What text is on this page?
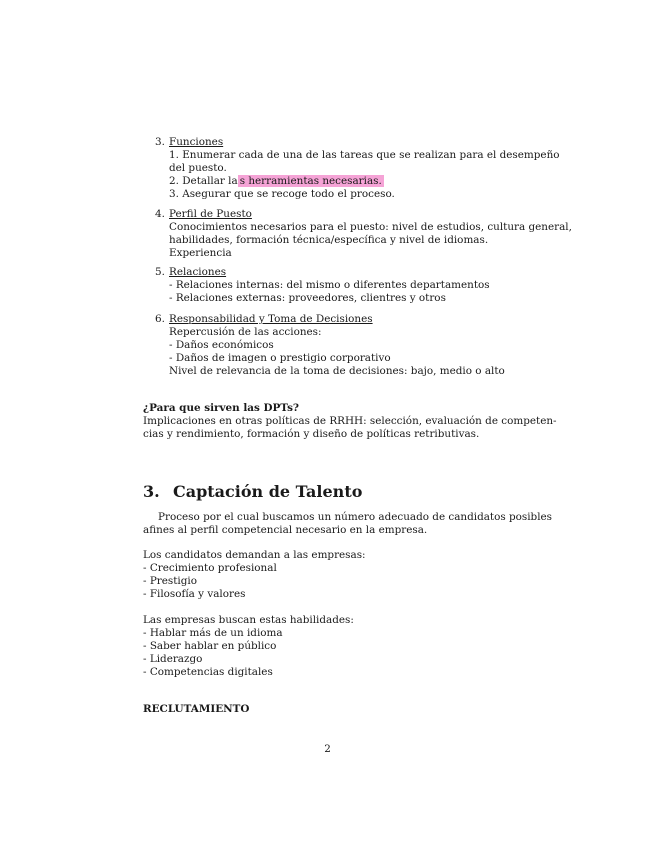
3. Funciones
1. Enumerar cada de una de las tareas que se realizan para el desempeño
del puesto.
2. Detallar la s herramientas necesarias.
3. Asegurar que se recoge todo el proceso.
4. Perfil de Puesto
Conocimientos necesarios para el puesto: nivel de estudios, cultura general,
habilidades, formación técnica/específica y nivel de idiomas.
Experiencia
5. Relaciones
- Relaciones internas: del mismo o diferentes departamentos
- Relaciones externas: proveedores, clientres y otros
6. Responsabilidad y Toma de Decisiones
Repercusión de las acciones:
- Daños económicos
- Daños de imagen o prestigio corporativo
Nivel de relevancia de la toma de decisiones: bajo, medio o alto
¿Para que sirven las DPTs?
Implicaciones en otras políticas de RRHH: selección, evaluación de competen-
cias y rendimiento, formación y diseño de políticas retributivas.
3. Captación de Talento
Proceso por el cual buscamos un número adecuado de candidatos posibles
afines al perfil competencial necesario en la empresa.
Los candidatos demandan a las empresas:
- Crecimiento profesional
- Prestigio
- Filosofía y valores
Las empresas buscan estas habilidades:
- Hablar más de un idioma
- Saber hablar en público
- Liderazgo
- Competencias digitales
RECLUTAMIENTO
2
